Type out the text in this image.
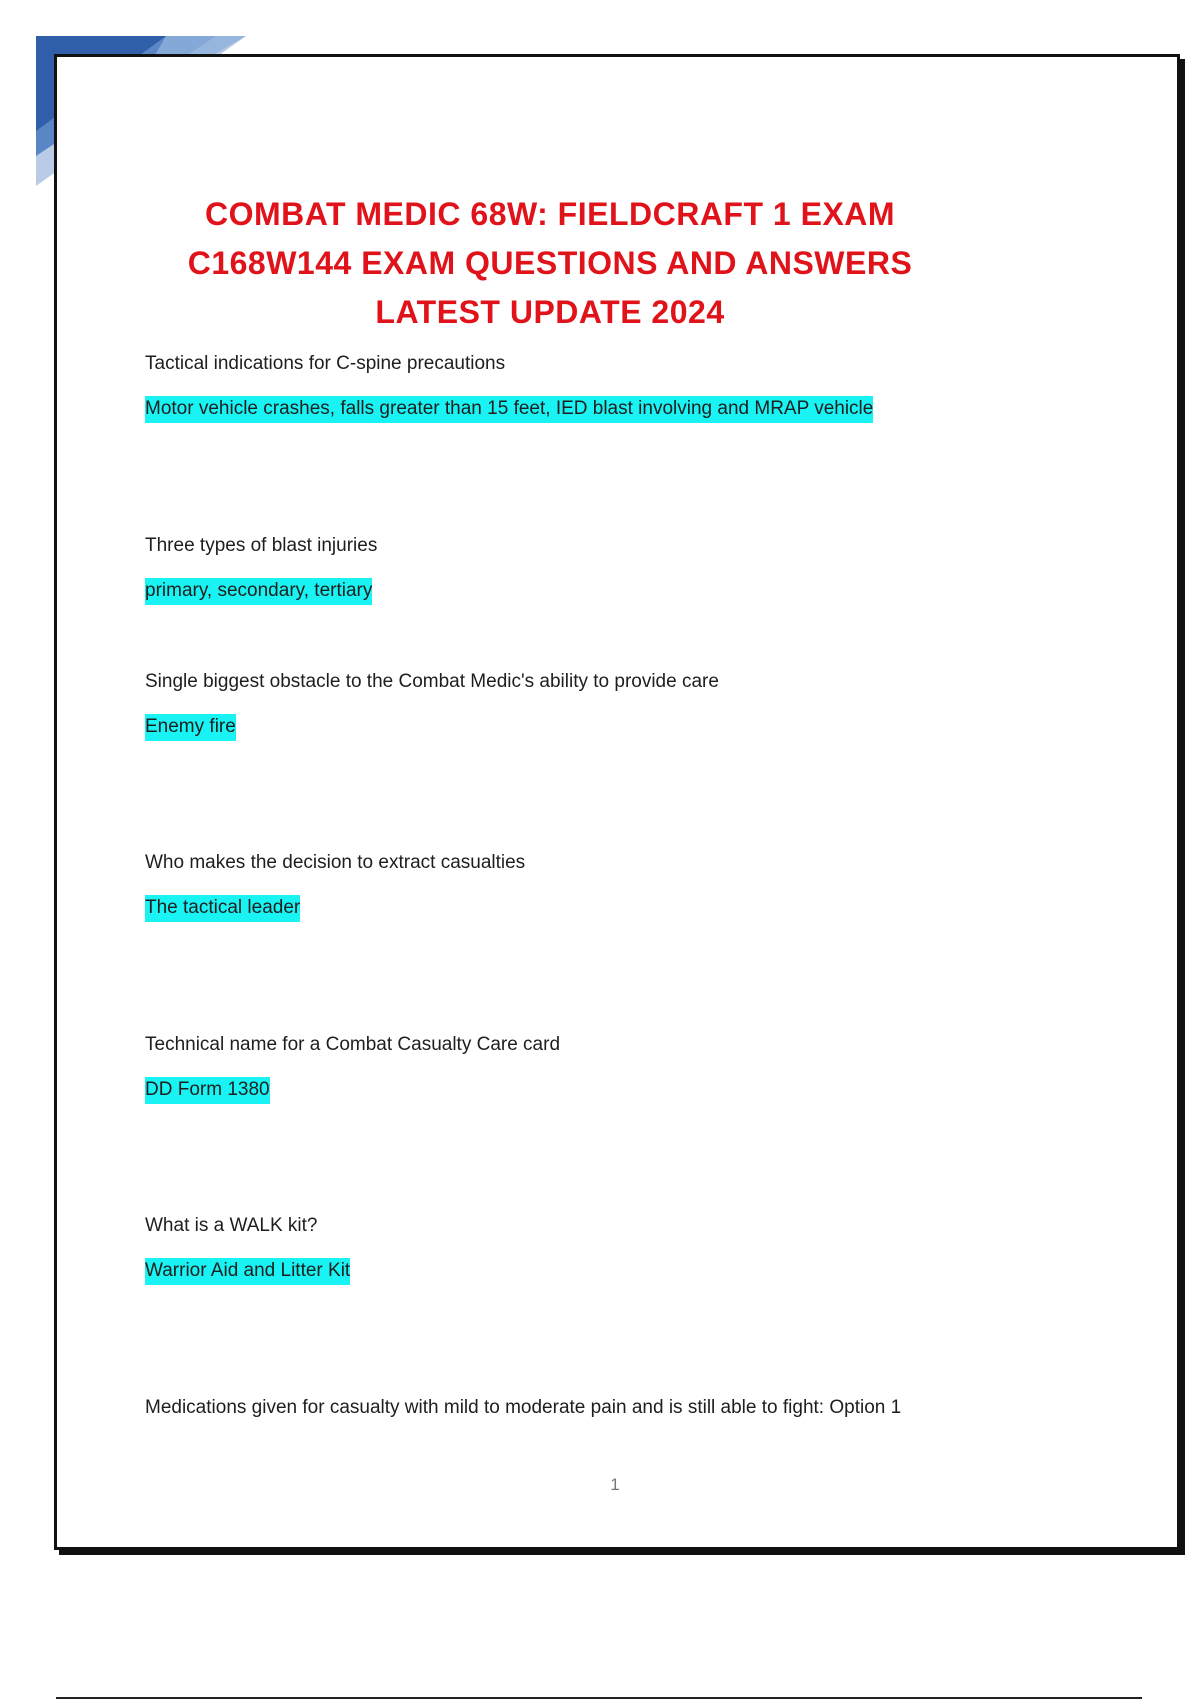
1
COMBAT MEDIC 68W: FIELDCRAFT 1 EXAM
C168W144 EXAM QUESTIONS AND ANSWERS
LATEST UPDATE 2024
Tactical indications for C-spine precautions
Motor vehicle crashes, falls greater than 15 feet, IED blast involving and MRAP vehicle
Three types of blast injuries
primary, secondary, tertiary
Single biggest obstacle to the Combat Medic's ability to provide care
Enemy fire
Who makes the decision to extract casualties
The tactical leader
Technical name for a Combat Casualty Care card
DD Form 1380
What is a WALK kit?
Warrior Aid and Litter Kit
Medications given for casualty with mild to moderate pain and is still able to fight: Option 1
1
